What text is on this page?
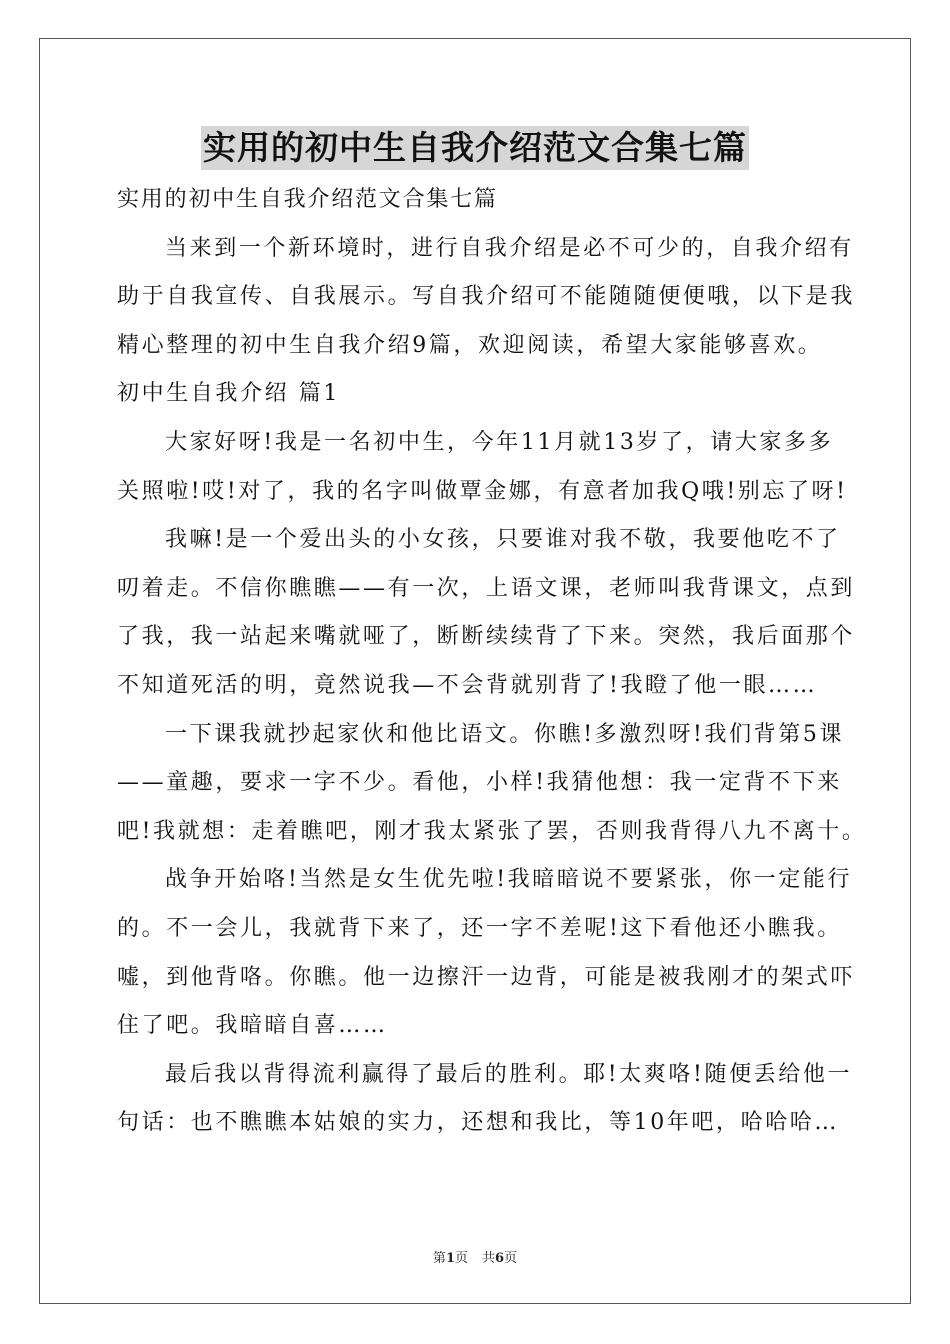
实用的初中生自我介绍范文合集七篇
实用的初中生自我介绍范文合集七篇
当来到一个新环境时，进行自我介绍是必不可少的，自我介绍有
助于自我宣传、自我展示。写自我介绍可不能随随便便哦，以下是我
精心整理的初中生自我介绍9篇，欢迎阅读，希望大家能够喜欢。
初中生自我介绍 篇1
大家好呀!我是一名初中生，今年11月就13岁了，请大家多多
关照啦!哎!对了，我的名字叫做覃金娜，有意者加我Q哦!别忘了呀!
我嘛!是一个爱出头的小女孩，只要谁对我不敬，我要他吃不了
叨着走。不信你瞧瞧——有一次，上语文课，老师叫我背课文，点到
了我，我一站起来嘴就哑了，断断续续背了下来。突然，我后面那个
不知道死活的明，竟然说我—不会背就别背了!我瞪了他一眼……
一下课我就抄起家伙和他比语文。你瞧!多激烈呀!我们背第5课
——童趣，要求一字不少。看他，小样!我猜他想：我一定背不下来
吧!我就想：走着瞧吧，刚才我太紧张了罢，否则我背得八九不离十。
战争开始咯!当然是女生优先啦!我暗暗说不要紧张，你一定能行
的。不一会儿，我就背下来了，还一字不差呢!这下看他还小瞧我。
嘘，到他背咯。你瞧。他一边擦汗一边背，可能是被我刚才的架式吓
住了吧。我暗暗自喜……
最后我以背得流利赢得了最后的胜利。耶!太爽咯!随便丢给他一
句话：也不瞧瞧本姑娘的实力，还想和我比，等10年吧，哈哈哈…
第1页 共6页
